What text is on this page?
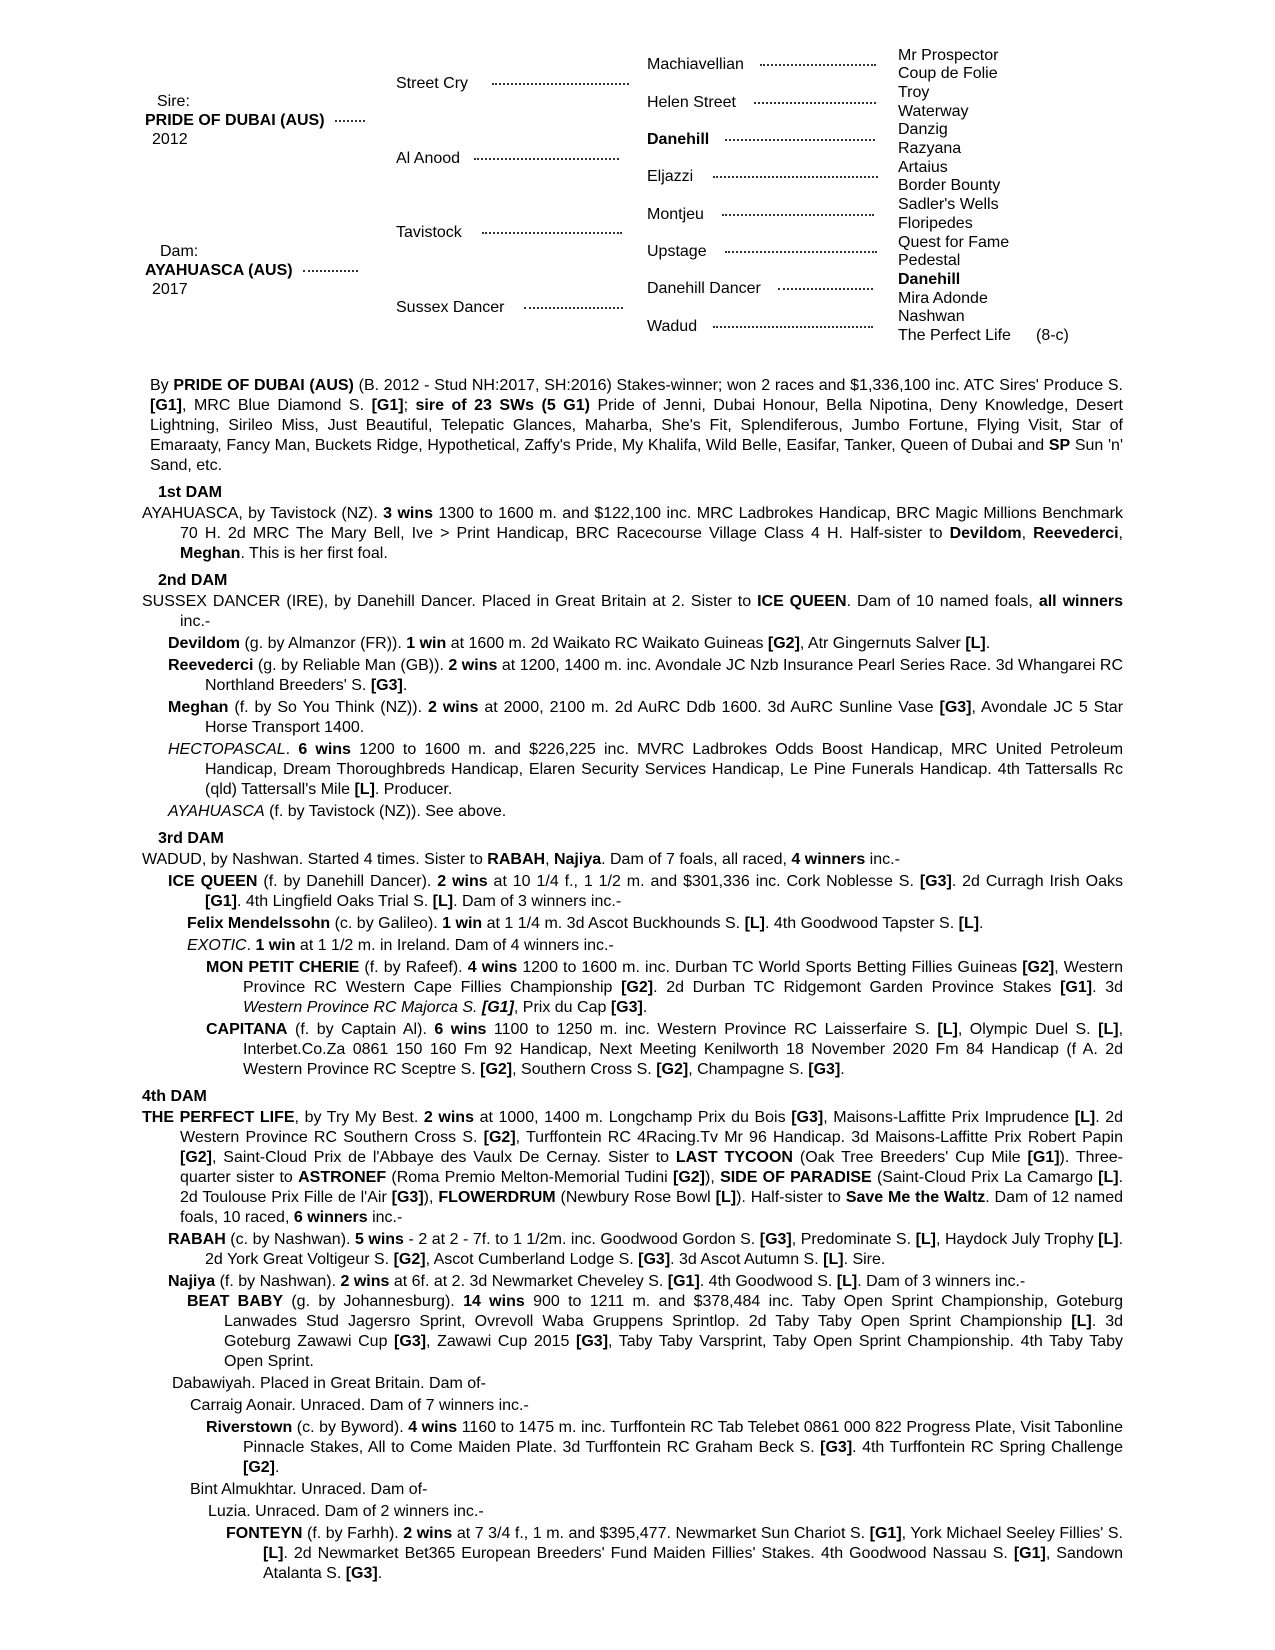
Sire:
PRIDE OF DUBAI (AUS)
2012
Dam:
AYAHUASCA (AUS)
2017
Street Cry
Al Anood
Tavistock
Sussex Dancer
Machiavellian
Helen Street
Danehill
Eljazzi
Montjeu
Upstage
Danehill Dancer
Wadud
Mr Prospector
Coup de Folie
Troy
Waterway
Danzig
Razyana
Artaius
Border Bounty
Sadler's Wells
Floripedes
Quest for Fame
Pedestal
Danehill
Mira Adonde
Nashwan
The Perfect Life (8-c)
By PRIDE OF DUBAI (AUS) (B. 2012 - Stud NH:2017, SH:2016) Stakes-winner; won 2 races and $1,336,100 inc. ATC Sires' Produce S. [G1], MRC Blue Diamond S. [G1]; sire of 23 SWs (5 G1) Pride of Jenni, Dubai Honour, Bella Nipotina, Deny Knowledge, Desert Lightning, Sirileo Miss, Just Beautiful, Telepatic Glances, Maharba, She's Fit, Splendiferous, Jumbo Fortune, Flying Visit, Star of Emaraaty, Fancy Man, Buckets Ridge, Hypothetical, Zaffy's Pride, My Khalifa, Wild Belle, Easifar, Tanker, Queen of Dubai and SP Sun 'n' Sand, etc.
1st DAM
AYAHUASCA, by Tavistock (NZ). 3 wins 1300 to 1600 m. and $122,100 inc. MRC Ladbrokes Handicap, BRC Magic Millions Benchmark 70 H. 2d MRC The Mary Bell, Ive > Print Handicap, BRC Racecourse Village Class 4 H. Half-sister to Devildom, Reevederci, Meghan. This is her first foal.
2nd DAM
SUSSEX DANCER (IRE), by Danehill Dancer. Placed in Great Britain at 2. Sister to ICE QUEEN. Dam of 10 named foals, all winners inc.-
Devildom (g. by Almanzor (FR)). 1 win at 1600 m. 2d Waikato RC Waikato Guineas [G2], Atr Gingernuts Salver [L].
Reevederci (g. by Reliable Man (GB)). 2 wins at 1200, 1400 m. inc. Avondale JC Nzb Insurance Pearl Series Race. 3d Whangarei RC Northland Breeders' S. [G3].
Meghan (f. by So You Think (NZ)). 2 wins at 2000, 2100 m. 2d AuRC Ddb 1600. 3d AuRC Sunline Vase [G3], Avondale JC 5 Star Horse Transport 1400.
HECTOPASCAL. 6 wins 1200 to 1600 m. and $226,225 inc. MVRC Ladbrokes Odds Boost Handicap, MRC United Petroleum Handicap, Dream Thoroughbreds Handicap, Elaren Security Services Handicap, Le Pine Funerals Handicap. 4th Tattersalls Rc (qld) Tattersall's Mile [L]. Producer.
AYAHUASCA (f. by Tavistock (NZ)). See above.
3rd DAM
WADUD, by Nashwan. Started 4 times. Sister to RABAH, Najiya. Dam of 7 foals, all raced, 4 winners inc.-
ICE QUEEN (f. by Danehill Dancer). 2 wins at 10 1/4 f., 1 1/2 m. and $301,336 inc. Cork Noblesse S. [G3]. 2d Curragh Irish Oaks [G1]. 4th Lingfield Oaks Trial S. [L]. Dam of 3 winners inc.-
Felix Mendelssohn (c. by Galileo). 1 win at 1 1/4 m. 3d Ascot Buckhounds S. [L]. 4th Goodwood Tapster S. [L].
EXOTIC. 1 win at 1 1/2 m. in Ireland. Dam of 4 winners inc.-
MON PETIT CHERIE (f. by Rafeef). 4 wins 1200 to 1600 m. inc. Durban TC World Sports Betting Fillies Guineas [G2], Western Province RC Western Cape Fillies Championship [G2]. 2d Durban TC Ridgemont Garden Province Stakes [G1]. 3d Western Province RC Majorca S. [G1], Prix du Cap [G3].
CAPITANA (f. by Captain Al). 6 wins 1100 to 1250 m. inc. Western Province RC Laisserfaire S. [L], Olympic Duel S. [L], Interbet.Co.Za 0861 150 160 Fm 92 Handicap, Next Meeting Kenilworth 18 November 2020 Fm 84 Handicap (f A. 2d Western Province RC Sceptre S. [G2], Southern Cross S. [G2], Champagne S. [G3].
4th DAM
THE PERFECT LIFE, by Try My Best. 2 wins at 1000, 1400 m. Longchamp Prix du Bois [G3], Maisons-Laffitte Prix Imprudence [L]. 2d Western Province RC Southern Cross S. [G2], Turffontein RC 4Racing.Tv Mr 96 Handicap. 3d Maisons-Laffitte Prix Robert Papin [G2], Saint-Cloud Prix de l'Abbaye des Vaulx De Cernay. Sister to LAST TYCOON (Oak Tree Breeders' Cup Mile [G1]). Three-quarter sister to ASTRONEF (Roma Premio Melton-Memorial Tudini [G2]), SIDE OF PARADISE (Saint-Cloud Prix La Camargo [L]. 2d Toulouse Prix Fille de l'Air [G3]), FLOWERDRUM (Newbury Rose Bowl [L]). Half-sister to Save Me the Waltz. Dam of 12 named foals, 10 raced, 6 winners inc.-
RABAH (c. by Nashwan). 5 wins - 2 at 2 - 7f. to 1 1/2m. inc. Goodwood Gordon S. [G3], Predominate S. [L], Haydock July Trophy [L]. 2d York Great Voltigeur S. [G2], Ascot Cumberland Lodge S. [G3]. 3d Ascot Autumn S. [L]. Sire.
Najiya (f. by Nashwan). 2 wins at 6f. at 2. 3d Newmarket Cheveley S. [G1]. 4th Goodwood S. [L]. Dam of 3 winners inc.-
BEAT BABY (g. by Johannesburg). 14 wins 900 to 1211 m. and $378,484 inc. Taby Open Sprint Championship, Goteburg Lanwades Stud Jagersro Sprint, Ovrevoll Waba Gruppens Sprintlop. 2d Taby Taby Open Sprint Championship [L]. 3d Goteburg Zawawi Cup [G3], Zawawi Cup 2015 [G3], Taby Taby Varsprint, Taby Open Sprint Championship. 4th Taby Taby Open Sprint.
Dabawiyah. Placed in Great Britain. Dam of-
Carraig Aonair. Unraced. Dam of 7 winners inc.-
Riverstown (c. by Byword). 4 wins 1160 to 1475 m. inc. Turffontein RC Tab Telebet 0861 000 822 Progress Plate, Visit Tabonline Pinnacle Stakes, All to Come Maiden Plate. 3d Turffontein RC Graham Beck S. [G3]. 4th Turffontein RC Spring Challenge [G2].
Bint Almukhtar. Unraced. Dam of-
Luzia. Unraced. Dam of 2 winners inc.-
FONTEYN (f. by Farhh). 2 wins at 7 3/4 f., 1 m. and $395,477. Newmarket Sun Chariot S. [G1], York Michael Seeley Fillies' S. [L]. 2d Newmarket Bet365 European Breeders' Fund Maiden Fillies' Stakes. 4th Goodwood Nassau S. [G1], Sandown Atalanta S. [G3].
